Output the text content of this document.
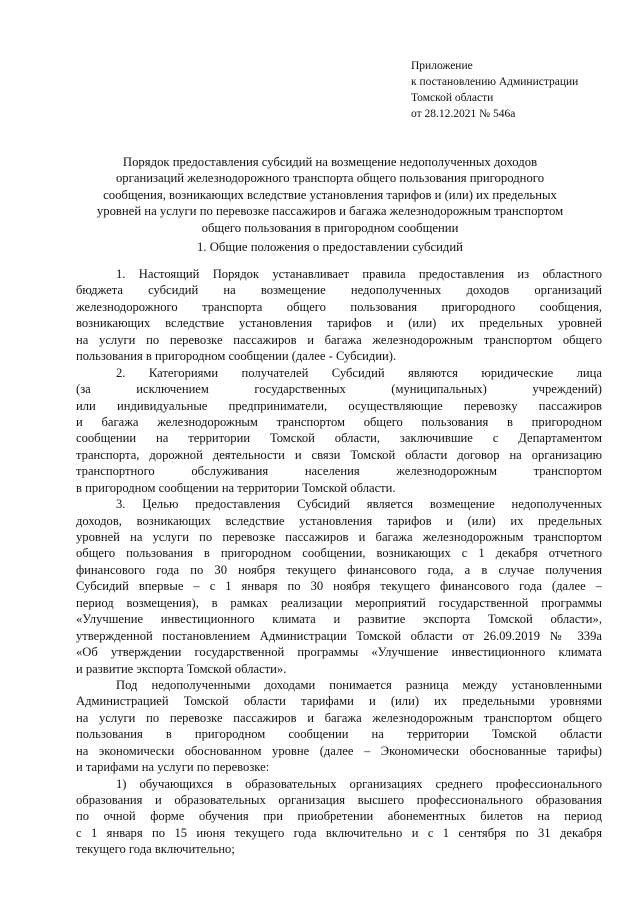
Приложение
к постановлению Администрации
Томской области
от 28.12.2021 № 546а
Порядок предоставления субсидий на возмещение недополученных доходов
организаций железнодорожного транспорта общего пользования пригородного
сообщения, возникающих вследствие установления тарифов и (или) их предельных
уровней на услуги по перевозке пассажиров и багажа железнодорожным транспортом
общего пользования в пригородном сообщении
1. Общие положения о предоставлении субсидий
1. Настоящий Порядок устанавливает правила предоставления из областного
бюджета субсидий на возмещение недополученных доходов организаций
железнодорожного транспорта общего пользования пригородного сообщения,
возникающих вследствие установления тарифов и (или) их предельных уровней
на услуги по перевозке пассажиров и багажа железнодорожным транспортом общего
пользования в пригородном сообщении (далее - Субсидии).
2. Категориями получателей Субсидий являются юридические лица
(за исключением государственных (муниципальных) учреждений)
или индивидуальные предприниматели, осуществляющие перевозку пассажиров
и багажа железнодорожным транспортом общего пользования в пригородном
сообщении на территории Томской области, заключившие с Департаментом
транспорта, дорожной деятельности и связи Томской области договор на организацию
транспортного обслуживания населения железнодорожным транспортом
в пригородном сообщении на территории Томской области.
3. Целью предоставления Субсидий является возмещение недополученных
доходов, возникающих вследствие установления тарифов и (или) их предельных
уровней на услуги по перевозке пассажиров и багажа железнодорожным транспортом
общего пользования в пригородном сообщении, возникающих с 1 декабря отчетного
финансового года по 30 ноября текущего финансового года, а в случае получения
Субсидий впервые – с 1 января по 30 ноября текущего финансового года (далее –
период возмещения), в рамках реализации мероприятий государственной программы
«Улучшение инвестиционного климата и развитие экспорта Томской области»,
утвержденной постановлением Администрации Томской области от 26.09.2019 № 339а
«Об утверждении государственной программы «Улучшение инвестиционного климата
и развитие экспорта Томской области».
Под недополученными доходами понимается разница между установленными
Администрацией Томской области тарифами и (или) их предельными уровнями
на услуги по перевозке пассажиров и багажа железнодорожным транспортом общего
пользования в пригородном сообщении на территории Томской области
на экономически обоснованном уровне (далее – Экономически обоснованные тарифы)
и тарифами на услуги по перевозке:
1) обучающихся в образовательных организациях среднего профессионального
образования и образовательных организация высшего профессионального образования
по очной форме обучения при приобретении абонементных билетов на период
с 1 января по 15 июня текущего года включительно и с 1 сентября по 31 декабря
текущего года включительно;
